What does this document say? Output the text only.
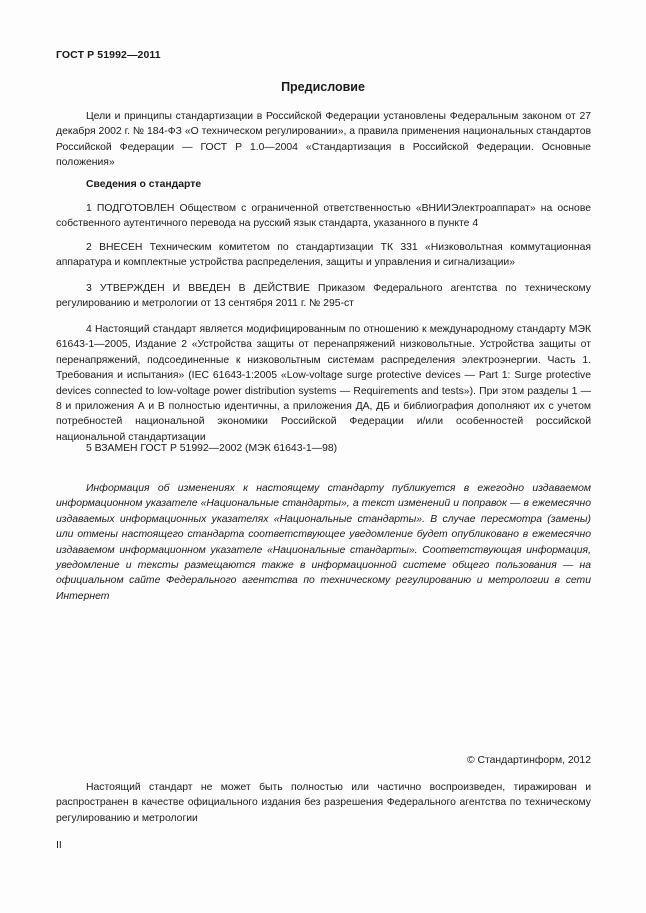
ГОСТ Р 51992—2011
Предисловие

Цели и принципы стандартизации в Российской Федерации установлены Федеральным законом от 27 декабря 2002 г. № 184-ФЗ «О техническом регулировании», а правила применения национальных стандартов Российской Федерации — ГОСТ Р 1.0—2004 «Стандартизация в Российской Федерации. Основные положения»

Сведения о стандарте

1 ПОДГОТОВЛЕН Обществом с ограниченной ответственностью «ВНИИЭлектроаппарат» на основе собственного аутентичного перевода на русский язык стандарта, указанного в пункте 4

2 ВНЕСЕН Техническим комитетом по стандартизации ТК 331 «Низковольтная коммутационная аппаратура и комплектные устройства распределения, защиты и управления и сигнализации»

3 УТВЕРЖДЕН И ВВЕДЕН В ДЕЙСТВИЕ Приказом Федерального агентства по техническому регулированию и метрологии от 13 сентября 2011 г. № 295-ст

4 Настоящий стандарт является модифицированным по отношению к международному стандарту МЭК 61643-1—2005, Издание 2 «Устройства защиты от перенапряжений низковольтные. Устройства защиты от перенапряжений, подсоединенные к низковольтным системам распределения электроэнергии. Часть 1. Требования и испытания» (IEC 61643-1:2005 «Low-voltage surge protective devices — Part 1: Surge protective devices connected to low-voltage power distribution systems — Requirements and tests»). При этом разделы 1 — 8 и приложения А и В полностью идентичны, а приложения ДА, ДБ и библиография дополняют их с учетом потребностей национальной экономики Российской Федерации и/или особенностей российской национальной стандартизации

5 ВЗАМЕН ГОСТ Р 51992—2002 (МЭК 61643-1—98)

Информация об изменениях к настоящему стандарту публикуется в ежегодно издаваемом информационном указателе «Национальные стандарты», а текст изменений и поправок — в ежемесячно издаваемых информационных указателях «Национальные стандарты». В случае пересмотра (замены) или отмены настоящего стандарта соответствующее уведомление будет опубликовано в ежемесячно издаваемом информационном указателе «Национальные стандарты». Соответствующая информация, уведомление и тексты размещаются также в информационной системе общего пользования — на официальном сайте Федерального агентства по техническому регулированию и метрологии в сети Интернет

© Стандартинформ, 2012

Настоящий стандарт не может быть полностью или частично воспроизведен, тиражирован и распространен в качестве официального издания без разрешения Федерального агентства по техническому регулированию и метрологии

II
